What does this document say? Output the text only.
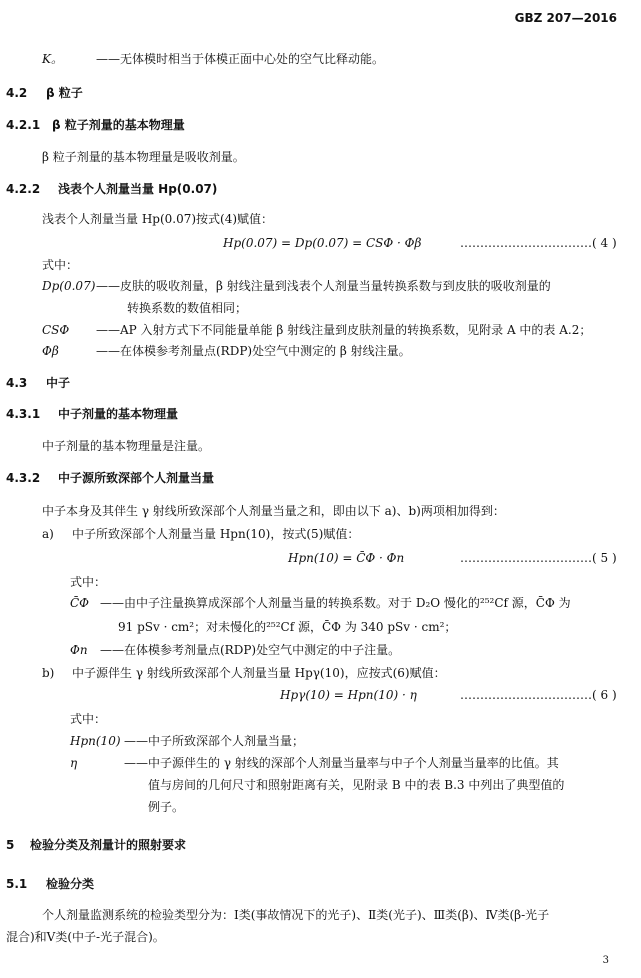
GBZ 207—2016
K。	——无体模时相当于体模正面中心处的空气比释动能。
4.2 β 粒子
4.2.1 β 粒子剂量的基本物理量
β 粒子剂量的基本物理量是吸收剂量。
4.2.2 浅表个人剂量当量 Hp(0.07)
浅表个人剂量当量 Hp(0.07)按式(4)赋值：
Hp(0.07) = Dp(0.07) = CSΦ · Φβ	……………………………( 4 )
式中：
Dp(0.07) ——皮肤的吸收剂量，β 射线注量到浅表个人剂量当量转换系数与到皮肤的吸收剂量的
转换系数的数值相同；
CSΦ ——AP 入射方式下不同能量单能 β 射线注量到皮肤剂量的转换系数，见附录 A 中的表 A.2；
Φβ	——在体模参考剂量点(RDP)处空气中测定的 β 射线注量。
4.3 中子
4.3.1 中子剂量的基本物理量
中子剂量的基本物理量是注量。
4.3.2 中子源所致深部个人剂量当量
中子本身及其伴生 γ 射线所致深部个人剂量当量之和，即由以下 a)、b)两项相加得到：
a) 中子所致深部个人剂量当量 Hpn(10)，按式(5)赋值：
Hpn(10) = C̄Φ · Φn	……………………………( 5 )
式中：
C̄Φ ——由中子注量换算成深部个人剂量当量的转换系数。对于 D₂O 慢化的²⁵²Cf 源，C̄Φ 为
91 pSv · cm²；对未慢化的²⁵²Cf 源，C̄Φ 为 340 pSv · cm²；
Φn ——在体模参考剂量点(RDP)处空气中测定的中子注量。
b) 中子源伴生 γ 射线所致深部个人剂量当量 Hpγ(10)，应按式(6)赋值：
Hpγ(10) = Hpn(10) · η	……………………………( 6 )
式中：
Hpn(10) ——中子所致深部个人剂量当量；
η	——中子源伴生的 γ 射线的深部个人剂量当量率与中子个人剂量当量率的比值。其
值与房间的几何尺寸和照射距离有关，见附录 B 中的表 B.3 中列出了典型值的
例子。
5 检验分类及剂量计的照射要求
5.1 检验分类
个人剂量监测系统的检验类型分为：Ⅰ类(事故情况下的光子)、Ⅱ类(光子)、Ⅲ类(β)、Ⅳ类(β-光子
混合)和Ⅴ类(中子-光子混合)。
3
